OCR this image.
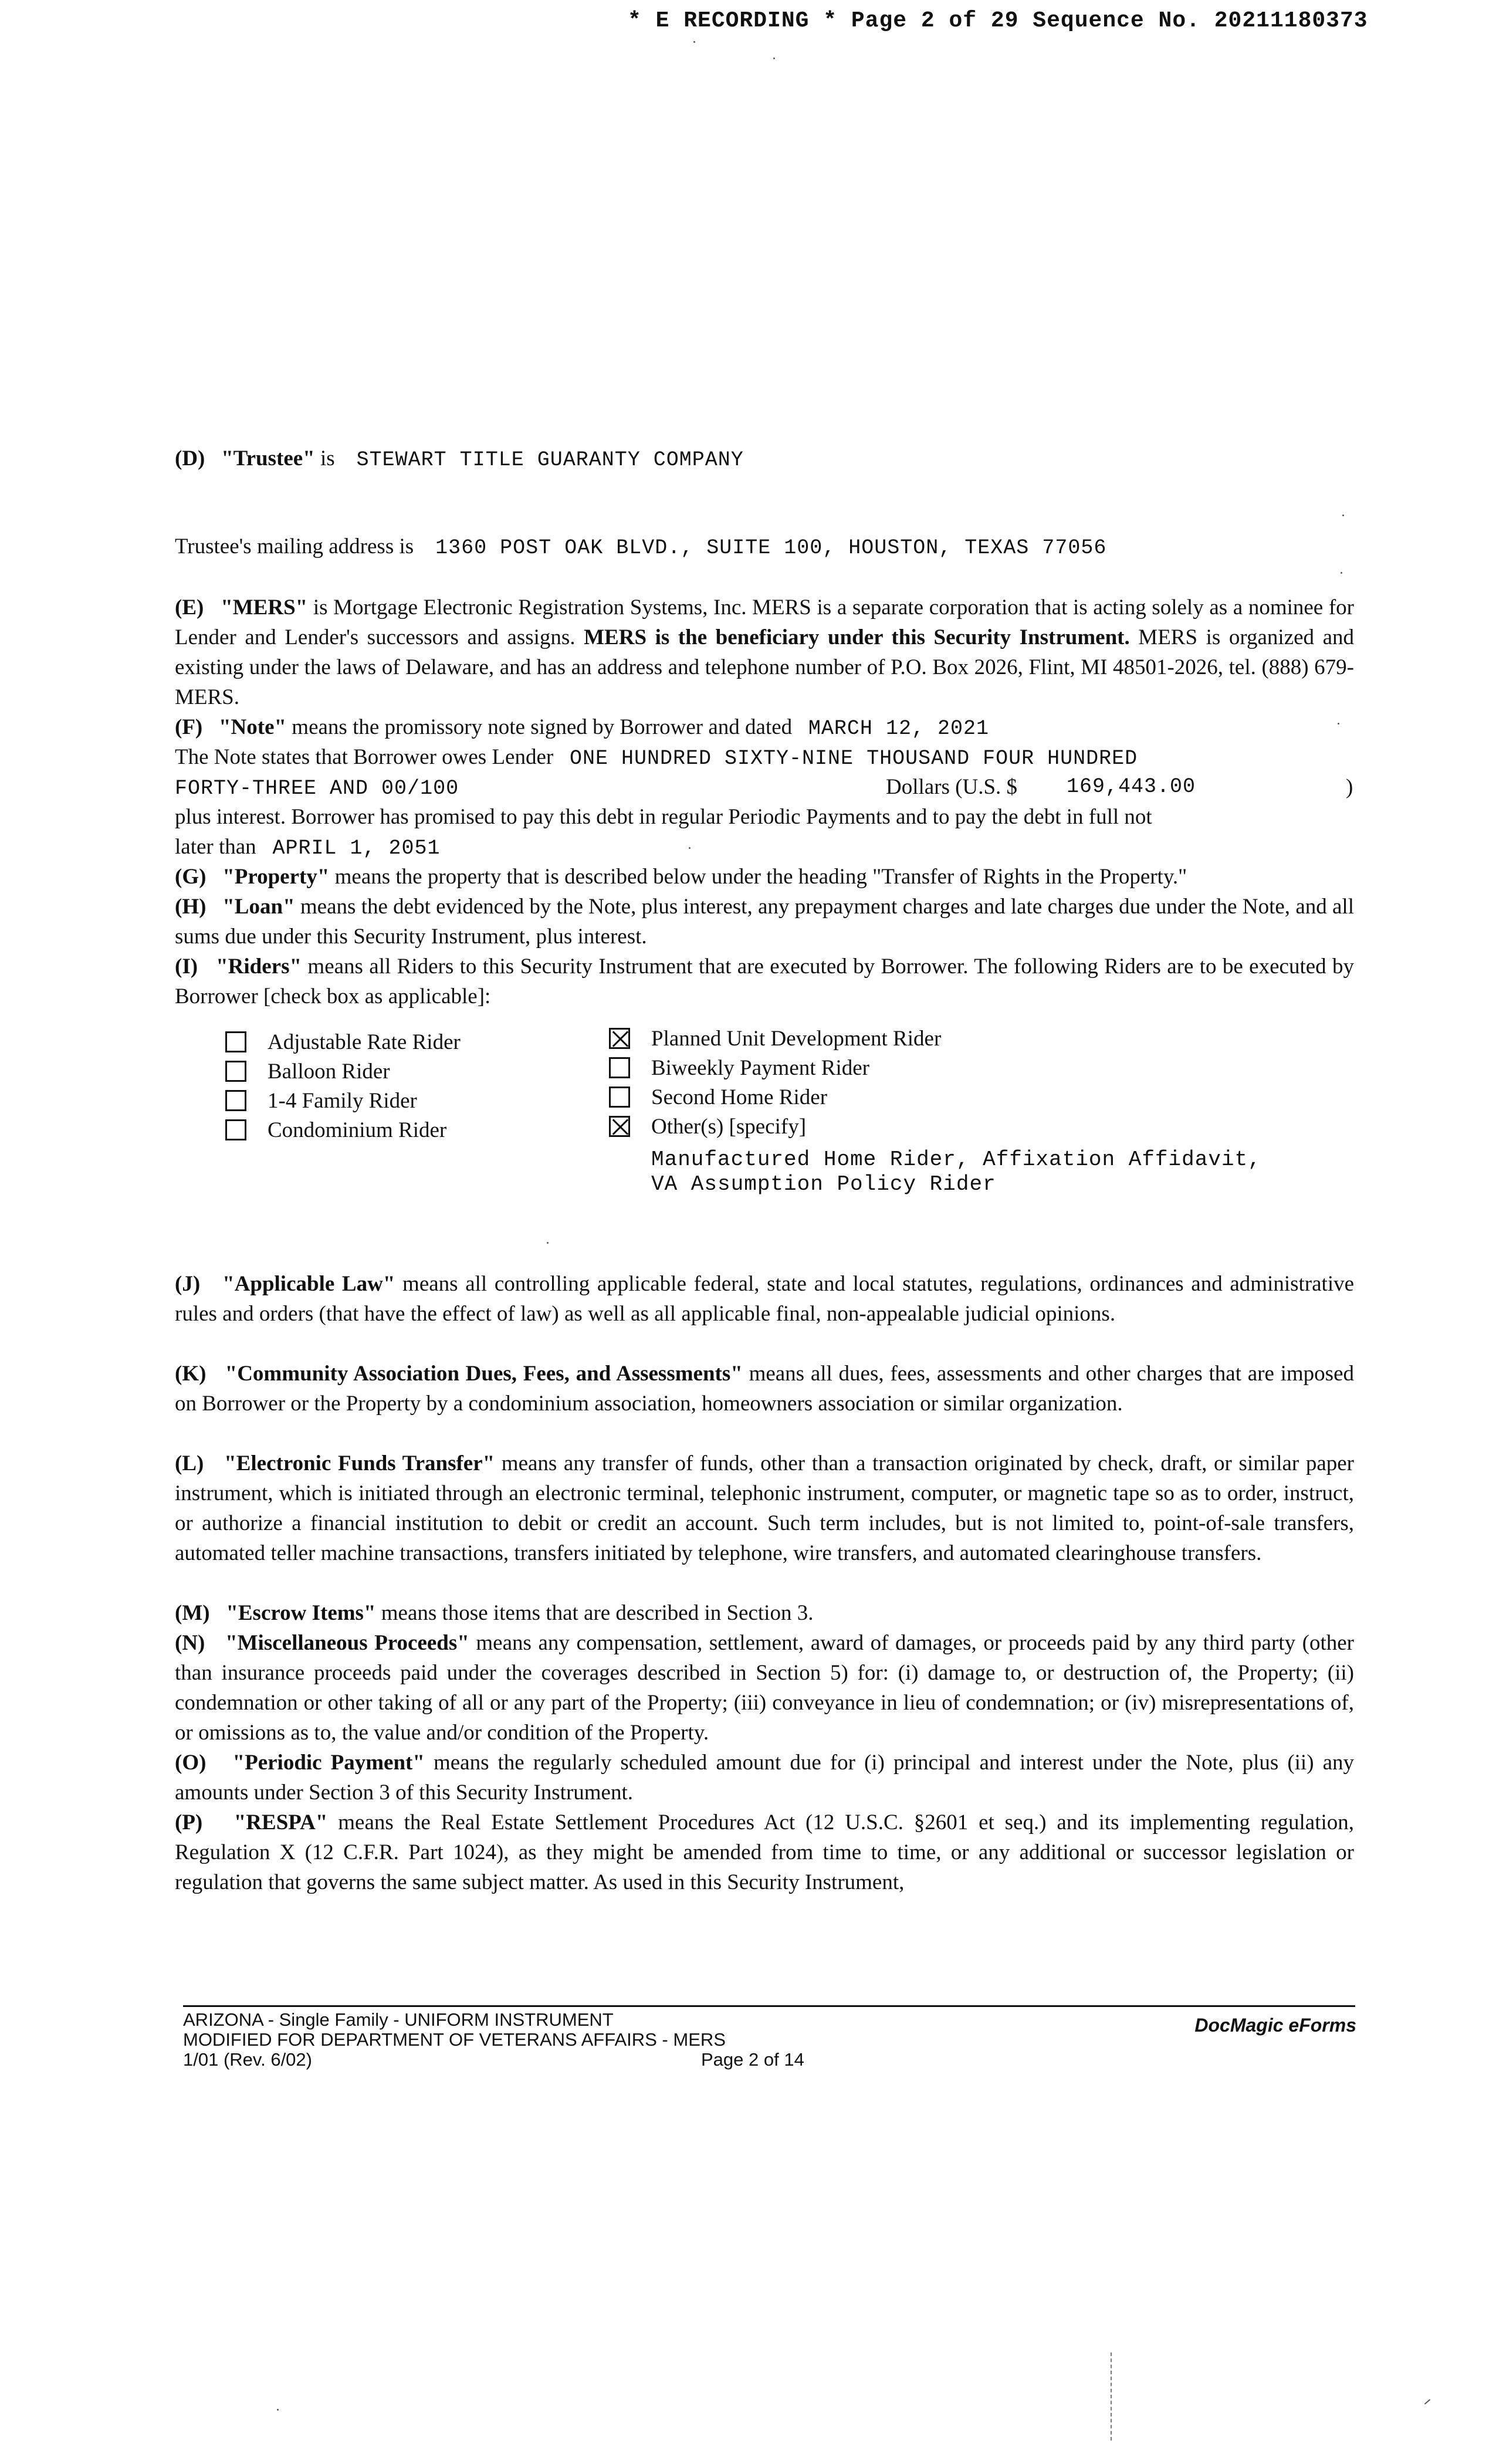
* E RECORDING * Page 2 of 29 Sequence No. 20211180373
(D) "Trustee" is STEWART TITLE GUARANTY COMPANY
Trustee's mailing address is 1360 POST OAK BLVD., SUITE 100, HOUSTON, TEXAS 77056
(E) "MERS" is Mortgage Electronic Registration Systems, Inc. MERS is a separate corporation that is acting solely as a nominee for Lender and Lender's successors and assigns. MERS is the beneficiary under this Security Instrument. MERS is organized and existing under the laws of Delaware, and has an address and telephone number of P.O. Box 2026, Flint, MI 48501-2026, tel. (888) 679-MERS.
(F) "Note" means the promissory note signed by Borrower and dated MARCH 12, 2021
The Note states that Borrower owes Lender ONE HUNDRED SIXTY-NINE THOUSAND FOUR HUNDRED
FORTY-THREE AND 00/100	Dollars (U.S. $ 169,443.00	)
plus interest. Borrower has promised to pay this debt in regular Periodic Payments and to pay the debt in full not
later than APRIL 1, 2051
(G) "Property" means the property that is described below under the heading "Transfer of Rights in the Property."
(H) "Loan" means the debt evidenced by the Note, plus interest, any prepayment charges and late charges due under the Note, and all sums due under this Security Instrument, plus interest.
(I) "Riders" means all Riders to this Security Instrument that are executed by Borrower. The following Riders are to be executed by Borrower [check box as applicable]:
Adjustable Rate Rider
Balloon Rider
1-4 Family Rider
Condominium Rider
Planned Unit Development Rider
Biweekly Payment Rider
Second Home Rider
Other(s) [specify]
Manufactured Home Rider, Affixation Affidavit,
VA Assumption Policy Rider
(J) "Applicable Law" means all controlling applicable federal, state and local statutes, regulations, ordinances and administrative rules and orders (that have the effect of law) as well as all applicable final, non-appealable judicial opinions.
(K) "Community Association Dues, Fees, and Assessments" means all dues, fees, assessments and other charges that are imposed on Borrower or the Property by a condominium association, homeowners association or similar organization.
(L) "Electronic Funds Transfer" means any transfer of funds, other than a transaction originated by check, draft, or similar paper instrument, which is initiated through an electronic terminal, telephonic instrument, computer, or magnetic tape so as to order, instruct, or authorize a financial institution to debit or credit an account. Such term includes, but is not limited to, point-of-sale transfers, automated teller machine transactions, transfers initiated by telephone, wire transfers, and automated clearinghouse transfers.
(M) "Escrow Items" means those items that are described in Section 3.
(N) "Miscellaneous Proceeds" means any compensation, settlement, award of damages, or proceeds paid by any third party (other than insurance proceeds paid under the coverages described in Section 5) for: (i) damage to, or destruction of, the Property; (ii) condemnation or other taking of all or any part of the Property; (iii) conveyance in lieu of condemnation; or (iv) misrepresentations of, or omissions as to, the value and/or condition of the Property.
(O) "Periodic Payment" means the regularly scheduled amount due for (i) principal and interest under the Note, plus (ii) any amounts under Section 3 of this Security Instrument.
(P) "RESPA" means the Real Estate Settlement Procedures Act (12 U.S.C. §2601 et seq.) and its implementing regulation, Regulation X (12 C.F.R. Part 1024), as they might be amended from time to time, or any additional or successor legislation or regulation that governs the same subject matter. As used in this Security Instrument,
ARIZONA - Single Family - UNIFORM INSTRUMENT
MODIFIED FOR DEPARTMENT OF VETERANS AFFAIRS - MERS
1/01 (Rev. 6/02)	Page 2 of 14
DocMagic eForms
